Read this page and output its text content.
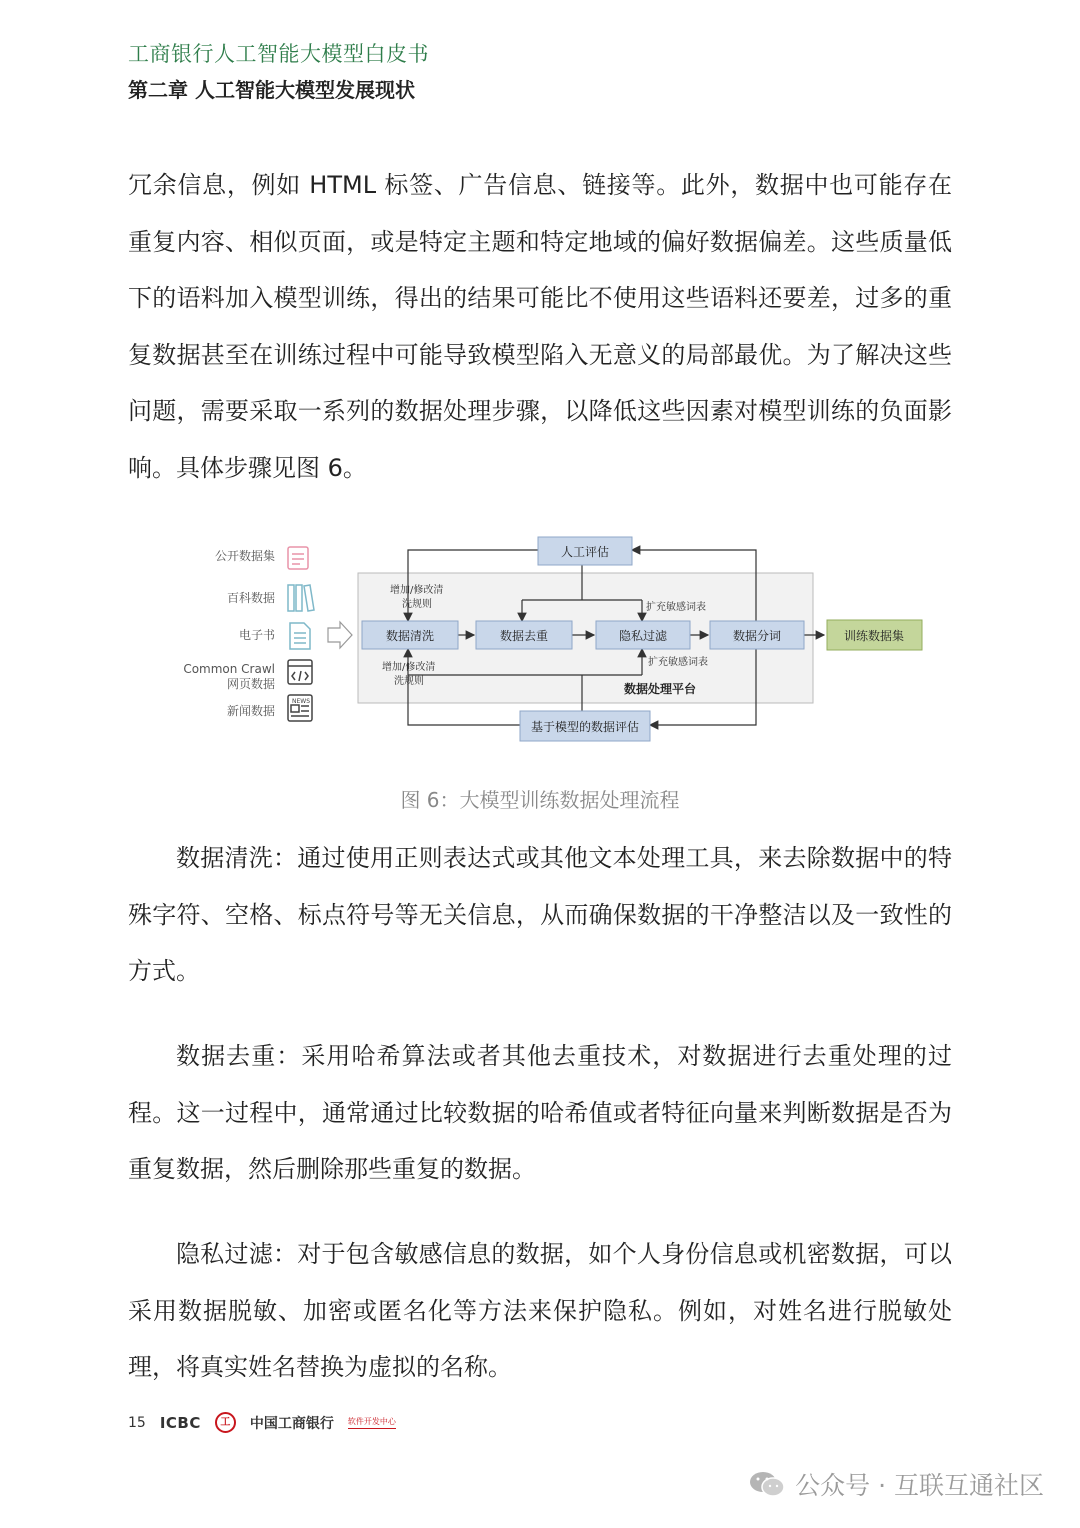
工商银行人工智能大模型白皮书
第二章 人工智能大模型发展现状

冗余信息，例如 HTML 标签、广告信息、链接等。此外，数据中也可能存在重复内容、相似页面，或是特定主题和特定地域的偏好数据偏差。这些质量低下的语料加入模型训练，得出的结果可能比不使用这些语料还要差，过多的重复数据甚至在训练过程中可能导致模型陷入无意义的局部最优。为了解决这些问题，需要采取一系列的数据处理步骤，以降低这些因素对模型训练的负面影响。具体步骤见图 6。

公开数据集
百科数据
电子书
Common Crawl
网页数据
新闻数据
NEWS
数据处理平台
人工评估
基于模型的数据评估
数据清洗	数据去重	隐私过滤	数据分词	训练数据集
增加/修改清
洗规则
增加/修改清
洗规则
扩充敏感词表
扩充敏感词表
图 6：大模型训练数据处理流程

数据清洗：通过使用正则表达式或其他文本处理工具，来去除数据中的特殊字符、空格、标点符号等无关信息，从而确保数据的干净整洁以及一致性的方式。

数据去重：采用哈希算法或者其他去重技术，对数据进行去重处理的过程。这一过程中，通常通过比较数据的哈希值或者特征向量来判断数据是否为重复数据，然后删除那些重复的数据。

隐私过滤：对于包含敏感信息的数据，如个人身份信息或机密数据，可以采用数据脱敏、加密或匿名化等方法来保护隐私。例如，对姓名进行脱敏处理，将真实姓名替换为虚拟的名称。

15 ICBC	工	中国工商银行 软件开发中心
公众号 · 互联互通社区
